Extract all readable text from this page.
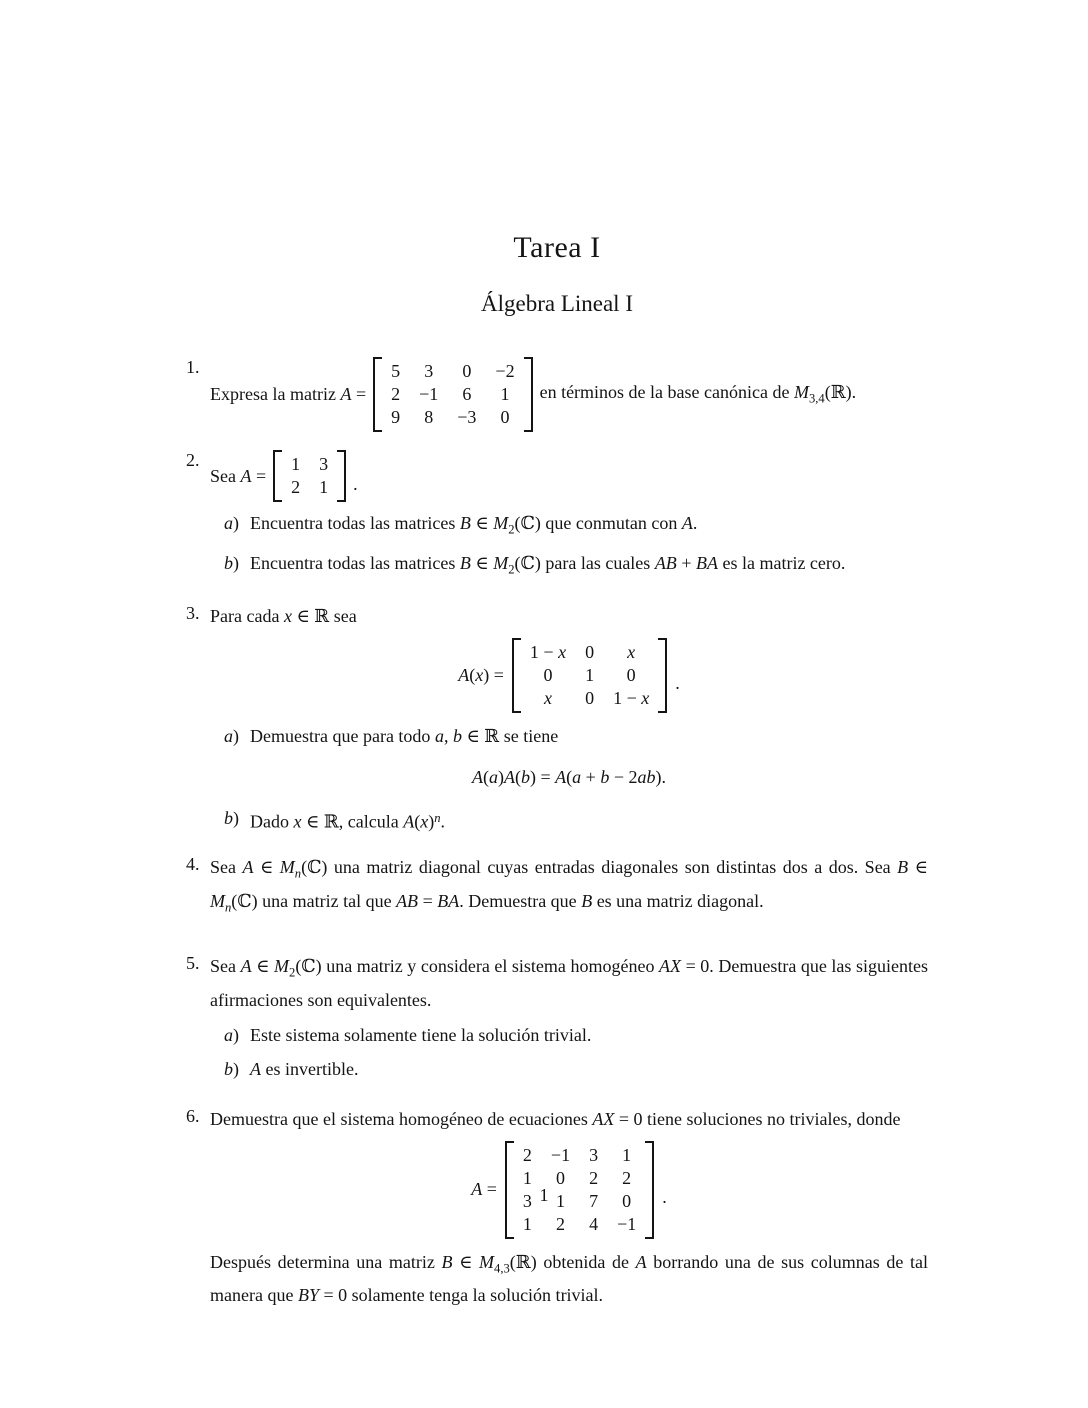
Tarea I
Álgebra Lineal I
1.
Expresa la matriz A =
5 3 0 −2
2 −1 6 1
9 8 −3 0
en términos de la base canónica de $M_{3,4}(ℝ)$.
2.
Sea A =
1 3
2 1 .
a) Encuentra todas las matrices B ∈ $M_2(ℂ)$ que conmutan con A.
b) Encuentra todas las matrices B ∈ $M_2(ℂ)$ para las cuales AB + BA es la matriz cero.
3. Para cada x ∈ ℝ sea

A(x) =
1 − x 0 x
0 1 0
x 0 1 − x
.
a) Demuestra que para todo a, b ∈ ℝ se tiene
A(a)A(b) = A(a + b − 2ab).
b) Dado x ∈ ℝ, calcula $A(x)^n$.
4. Sea A ∈ $M_n(ℂ)$ una matriz diagonal cuyas entradas diagonales son distintas dos a dos. Sea B ∈ $M_n(ℂ)$ una matriz tal que AB = BA. Demuestra que B es una matriz diagonal.

5. Sea A ∈ $M_2(ℂ)$ una matriz y considera el sistema homogéneo AX = 0. Demuestra que las siguientes afirmaciones son equivalentes.

a) Este sistema solamente tiene la solución trivial.
b) A es invertible.
6. Demuestra que el sistema homogéneo de ecuaciones AX = 0 tiene soluciones no triviales, donde

A =
2 −1 3 1
1 0 2 2
3 1 7 0
1 2 4 −1
.

Después determina una matriz B ∈ $M_{4,3}(ℝ)$ obtenida de A borrando una de sus columnas de tal manera que BY = 0 solamente tenga la solución trivial.

1
